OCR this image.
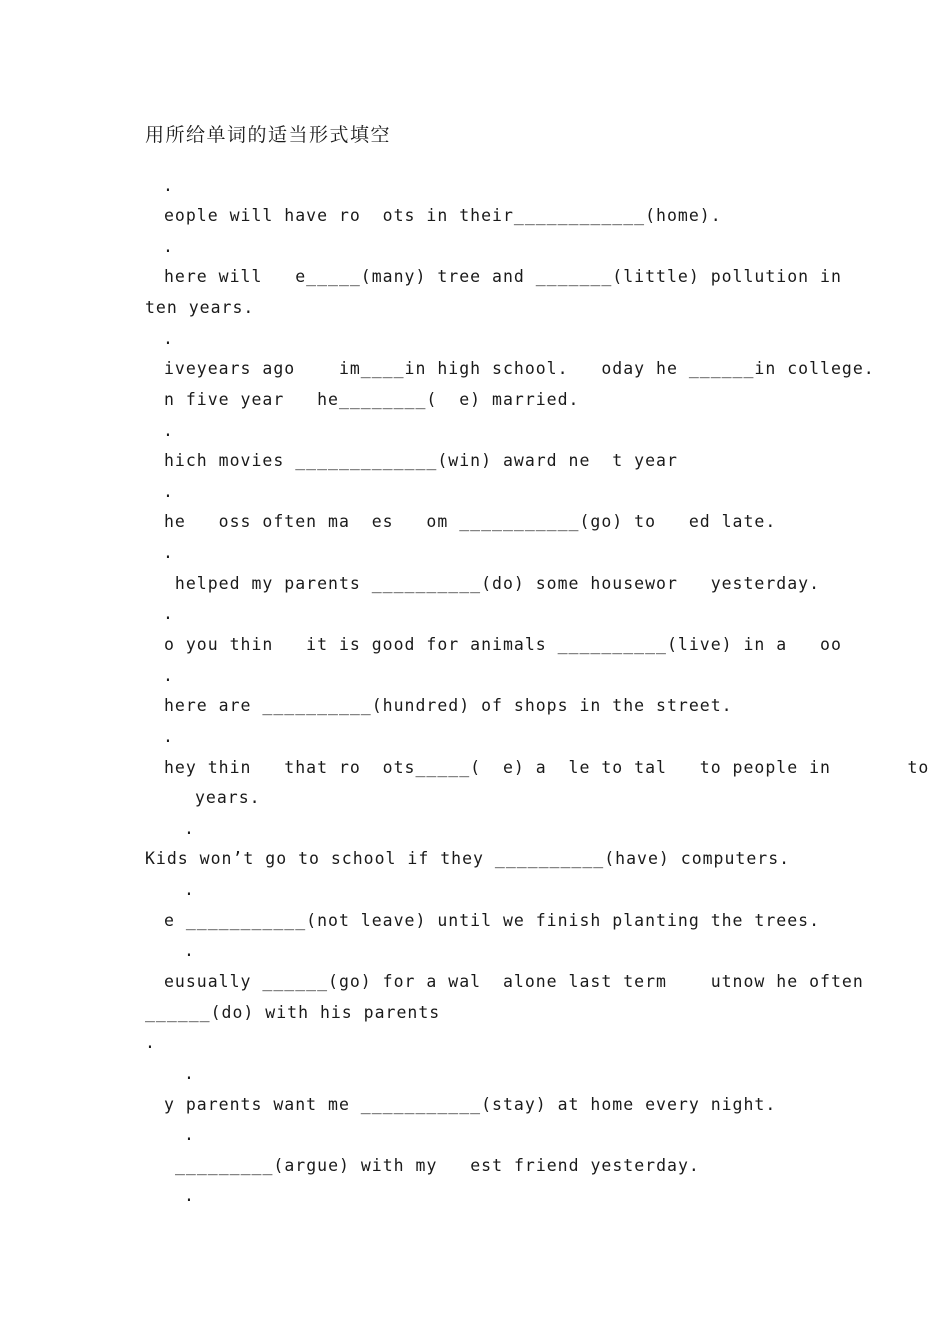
用所给单词的适当形式填空
.
eople will have ro  ots in their____________(home).
.
here will   e_____(many) tree and _______(little) pollution in
ten years.
.
iveyears ago    im____in high school.   oday he ______in college.
n five year   he________(  e) married.
.
hich movies _____________(win) award ne  t year
.
he   oss often ma  es   om ___________(go) to   ed late.
.
helped my parents __________(do) some housewor   yesterday.
.
o you thin   it is good for animals __________(live) in a   oo
.
here are __________(hundred) of shops in the street.
.
hey thin   that ro  ots_____(  e) a  le to tal   to people in       to
years.
.
Kids won’t go to school if they __________(have) computers.
.
e ___________(not leave) until we finish planting the trees.
.
eusually ______(go) for a wal  alone last term    utnow he often
______(do) with his parents
.
.
y parents want me ___________(stay) at home every night.
.
_________(argue) with my   est friend yesterday.
.
